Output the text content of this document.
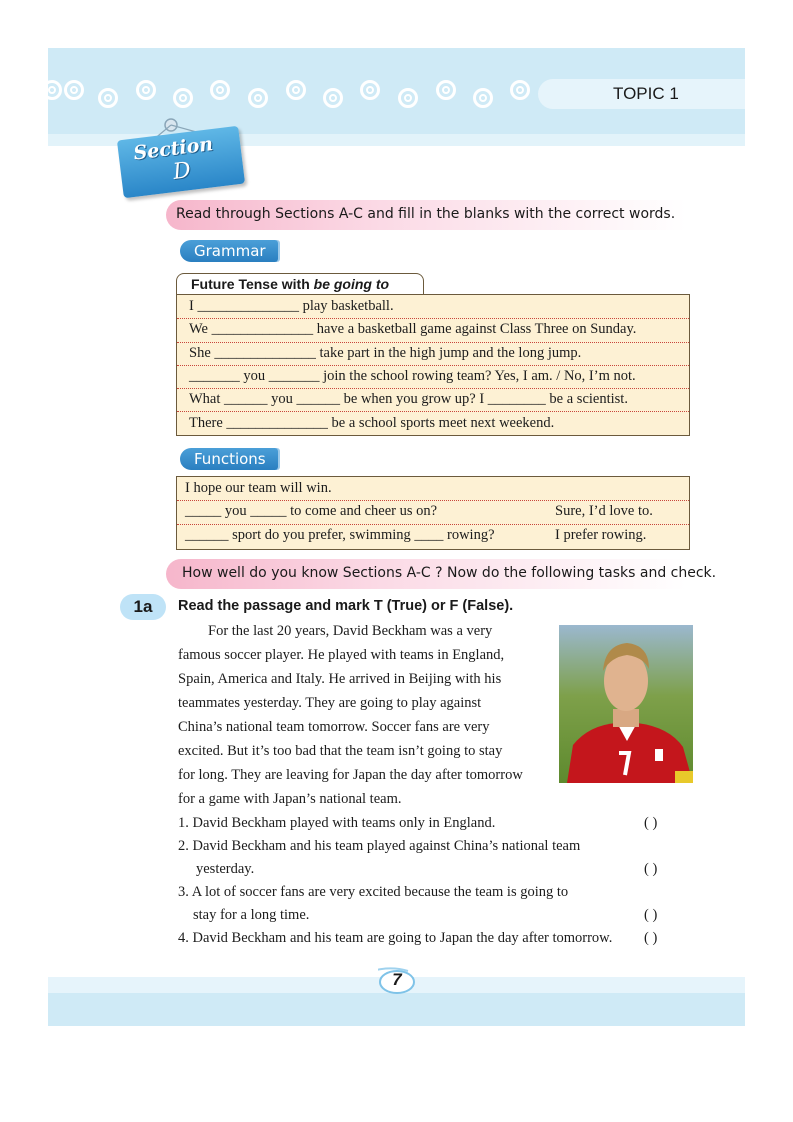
TOPIC 1
Section
D
Read through Sections A-C and fill in the blanks with the correct words.
Grammar
Future Tense with be going to
I ______________ play basketball.
We ______________ have a basketball game against Class Three on Sunday.
She ______________ take part in the high jump and the long jump.
_______ you _______ join the school rowing team? Yes, I am. / No, I’m not.
What ______ you ______ be when you grow up? I ________ be a scientist.
There ______________ be a school sports meet next weekend.
Functions
I hope our team will win.
_____ you _____ to come and cheer us on?	Sure, I’d love to.
______ sport do you prefer, swimming ____ rowing?	I prefer rowing.
How well do you know Sections A-C ? Now do the following tasks and check.
1a	Read the passage and mark T (True) or F (False).
For the last 20 years, David Beckham was a very
famous soccer player. He played with teams in England,
Spain, America and Italy. He arrived in Beijing with his
teammates yesterday. They are going to play against
China’s national team tomorrow. Soccer fans are very
excited. But it’s too bad that the team isn’t going to stay
for long. They are leaving for Japan the day after tomorrow
for a game with Japan’s national team.
1. David Beckham played with teams only in England.	( )
2. David Beckham and his team played against China’s national team
yesterday.	( )
3. A lot of soccer fans are very excited because the team is going to
stay for a long time.	( )
4. David Beckham and his team are going to Japan the day after tomorrow. ( )
7
